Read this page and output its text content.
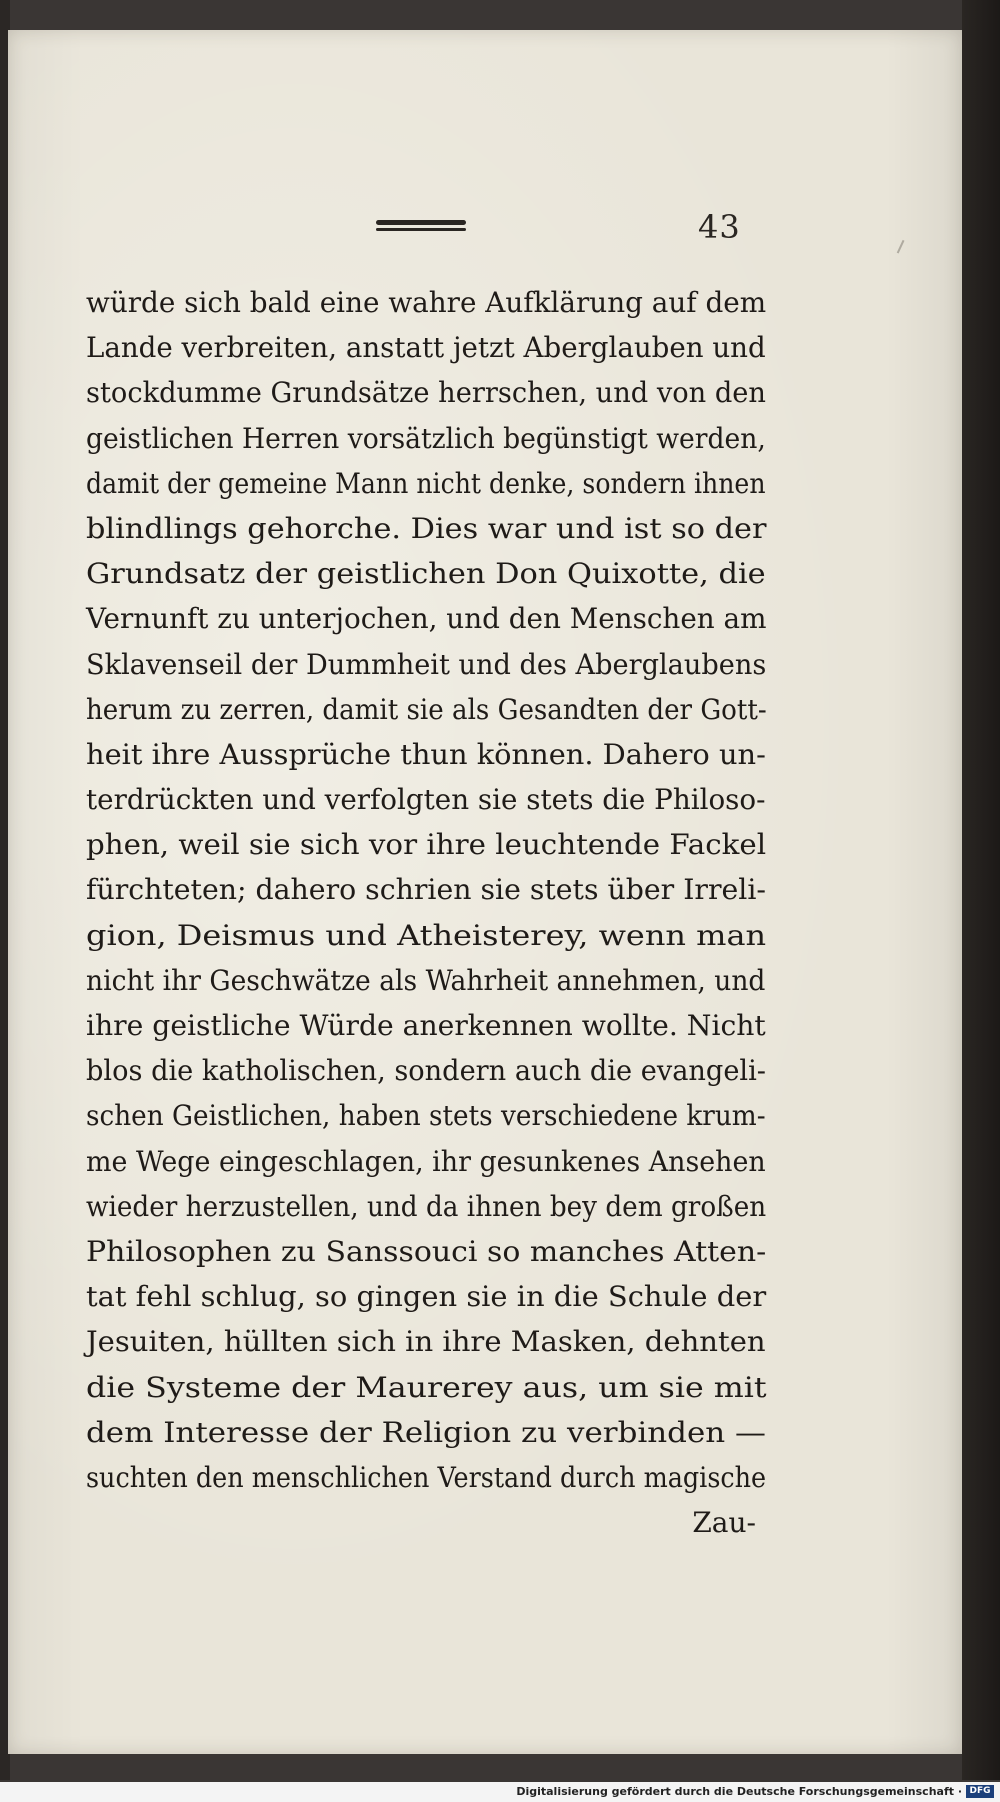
43
würde sich bald eine wahre Aufklärung auf dem
Lande verbreiten, anstatt jetzt Aberglauben und
stockdumme Grundsätze herrschen, und von den
geistlichen Herren vorsätzlich begünstigt werden,
damit der gemeine Mann nicht denke, sondern ihnen
blindlings gehorche. Dies war und ist so der
Grundsatz der geistlichen Don Quixotte, die
Vernunft zu unterjochen, und den Menschen am
Sklavenseil der Dummheit und des Aberglaubens
herum zu zerren, damit sie als Gesandten der Gott-
heit ihre Aussprüche thun können. Dahero un-
terdrückten und verfolgten sie stets die Philoso-
phen, weil sie sich vor ihre leuchtende Fackel
fürchteten; dahero schrien sie stets über Irreli-
gion, Deismus und Atheisterey, wenn man
nicht ihr Geschwätze als Wahrheit annehmen, und
ihre geistliche Würde anerkennen wollte. Nicht
blos die katholischen, sondern auch die evangeli-
schen Geistlichen, haben stets verschiedene krum-
me Wege eingeschlagen, ihr gesunkenes Ansehen
wieder herzustellen, und da ihnen bey dem großen
Philosophen zu Sanssouci so manches Atten-
tat fehl schlug, so gingen sie in die Schule der
Jesuiten, hüllten sich in ihre Masken, dehnten
die Systeme der Maurerey aus, um sie mit
dem Interesse der Religion zu verbinden —
suchten den menschlichen Verstand durch magische
Zau-
Digitalisierung gefördert durch die Deutsche Forschungsgemeinschaft · DFG
